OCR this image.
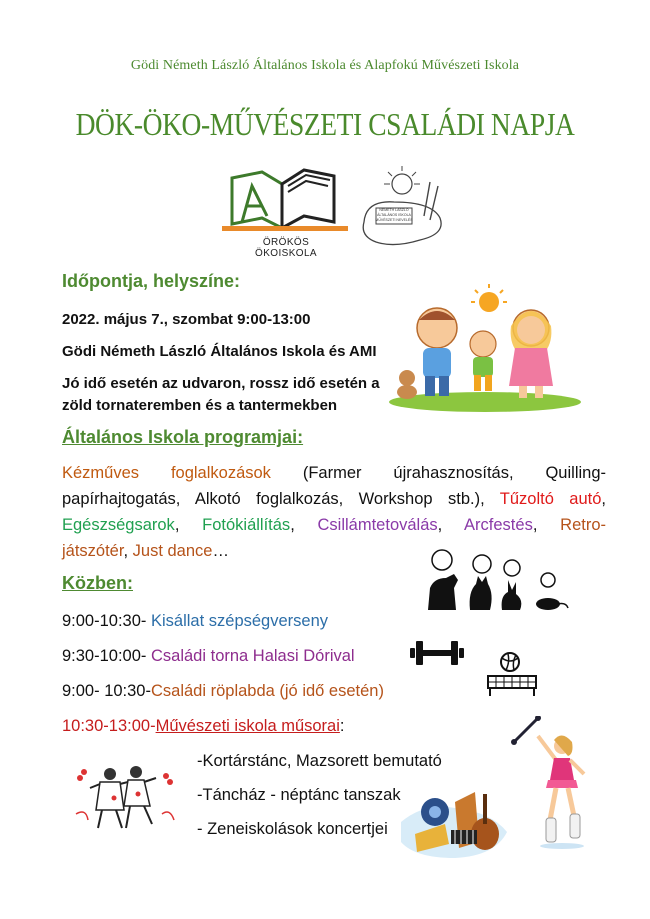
Gödi Németh László Általános Iskola és Alapfokú Művészeti Iskola
DÖK-ÖKO-MŰVÉSZETI CSALÁDI NAPJA
ÖRÖKÖS ÖKOISKOLA
NÉMETH LÁSZLÓ ÁLTALÁNOS ISKOLA MŰVÉSZETI NEVELÉS
Időpontja, helyszíne:
2022. május 7., szombat 9:00-13:00
Gödi Németh László Általános Iskola és AMI
Jó idő esetén az udvaron, rossz idő esetén a
zöld tornateremben és a tantermekben
Általános Iskola programjai:
Kézműves foglalkozások (Farmer újrahasznosítás, Quilling-
papírhajtogatás, Alkotó foglalkozás, Workshop stb.), Tűzoltó autó,
Egészségsarok, Fotókiállítás, Csillámtetoválás, Arcfestés, Retro-
játszótér, Just dance…
Közben:
9:00-10:30- Kisállat szépségverseny
9:30-10:00- Családi torna Halasi Dórival
9:00- 10:30-Családi röplabda (jó idő esetén)
10:30-13:00-Művészeti iskola műsorai:
-Kortárstánc, Mazsorett bemutató
-Táncház - néptánc tanszak
- Zeneiskolások koncertjei
